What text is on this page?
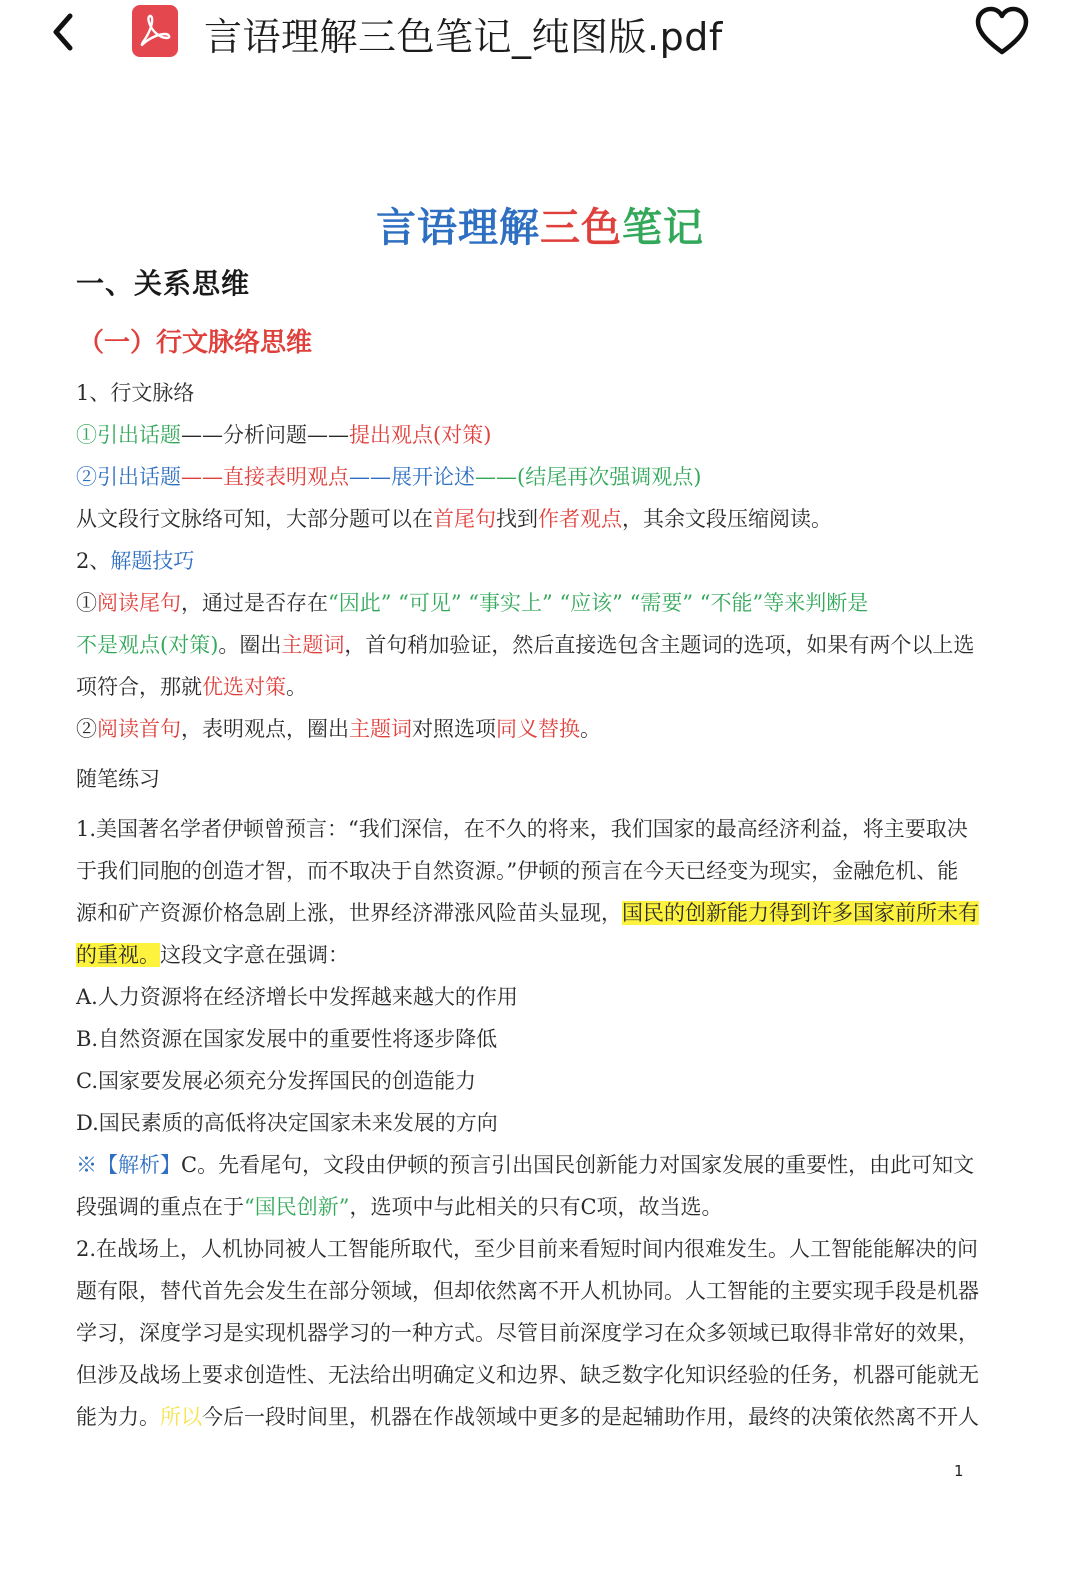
言语理解三色笔记_纯图版.pdf
言语理解三色笔记
一、关系思维
（一）行文脉络思维
1、行文脉络
①引出话题——分析问题——提出观点(对策)
②引出话题——直接表明观点——展开论述——(结尾再次强调观点)
从文段行文脉络可知，大部分题可以在首尾句找到作者观点，其余文段压缩阅读。
2、解题技巧
①阅读尾句，通过是否存在“因此” “可见” “事实上” “应该” “需要” “不能”等来判断是
不是观点(对策)。圈出主题词，首句稍加验证，然后直接选包含主题词的选项，如果有两个以上选
项符合，那就优选对策。
②阅读首句，表明观点，圈出主题词对照选项同义替换。
随笔练习
1.美国著名学者伊顿曾预言：“我们深信，在不久的将来，我们国家的最高经济利益，将主要取决
于我们同胞的创造才智，而不取决于自然资源。”伊顿的预言在今天已经变为现实，金融危机、能
源和矿产资源价格急剧上涨，世界经济滞涨风险苗头显现，国民的创新能力得到许多国家前所未有
的重视。这段文字意在强调：
A.人力资源将在经济增长中发挥越来越大的作用
B.自然资源在国家发展中的重要性将逐步降低
C.国家要发展必须充分发挥国民的创造能力
D.国民素质的高低将决定国家未来发展的方向
※【解析】C。先看尾句，文段由伊顿的预言引出国民创新能力对国家发展的重要性，由此可知文
段强调的重点在于“国民创新”，选项中与此相关的只有C项，故当选。
2.在战场上，人机协同被人工智能所取代，至少目前来看短时间内很难发生。人工智能能解决的问
题有限，替代首先会发生在部分领域，但却依然离不开人机协同。人工智能的主要实现手段是机器
学习，深度学习是实现机器学习的一种方式。尽管目前深度学习在众多领域已取得非常好的效果，
但涉及战场上要求创造性、无法给出明确定义和边界、缺乏数字化知识经验的任务，机器可能就无
能为力。所以今后一段时间里，机器在作战领域中更多的是起辅助作用，最终的决策依然离不开人
1
